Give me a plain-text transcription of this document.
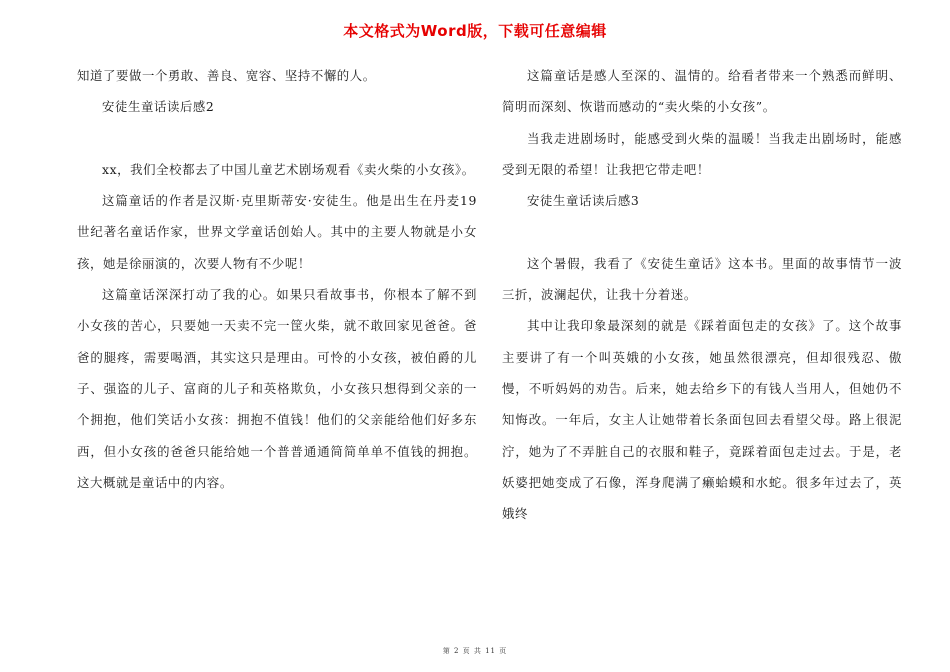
本文格式为Word版，下载可任意编辑

知道了要做一个勇敢、善良、宽容、坚持不懈的人。

安徒生童话读后感2

xx，我们全校都去了中国儿童艺术剧场观看《卖火柴的小女孩》。

这篇童话的作者是汉斯·克里斯蒂安·安徒生。他是出生在丹麦19世纪著名童话作家，世界文学童话创始人。其中的主要人物就是小女孩，她是徐丽演的，次要人物有不少呢！

这篇童话深深打动了我的心。如果只看故事书，你根本了解不到小女孩的苦心，只要她一天卖不完一筐火柴，就不敢回家见爸爸。爸爸的腿疼，需要喝酒，其实这只是理由。可怜的小女孩，被伯爵的儿子、强盗的儿子、富商的儿子和英格欺负，小女孩只想得到父亲的一个拥抱，他们笑话小女孩：拥抱不值钱！他们的父亲能给他们好多东西，但小女孩的爸爸只能给她一个普普通通简简单单不值钱的拥抱。这大概就是童话中的内容。

这篇童话是感人至深的、温情的。给看者带来一个熟悉而鲜明、简明而深刻、恢谐而感动的“卖火柴的小女孩”。

当我走进剧场时，能感受到火柴的温暖！当我走出剧场时，能感受到无限的希望！让我把它带走吧！

安徒生童话读后感3

这个暑假，我看了《安徒生童话》这本书。里面的故事情节一波三折，波澜起伏，让我十分着迷。

其中让我印象最深刻的就是《踩着面包走的女孩》了。这个故事主要讲了有一个叫英娥的小女孩，她虽然很漂亮，但却很残忍、傲慢，不听妈妈的劝告。后来，她去给乡下的有钱人当用人，但她仍不知悔改。一年后，女主人让她带着长条面包回去看望父母。路上很泥泞，她为了不弄脏自己的衣服和鞋子，竟踩着面包走过去。于是，老妖婆把她变成了石像，浑身爬满了癞蛤蟆和水蛇。很多年过去了，英娥终

第 2 页 共 11 页
